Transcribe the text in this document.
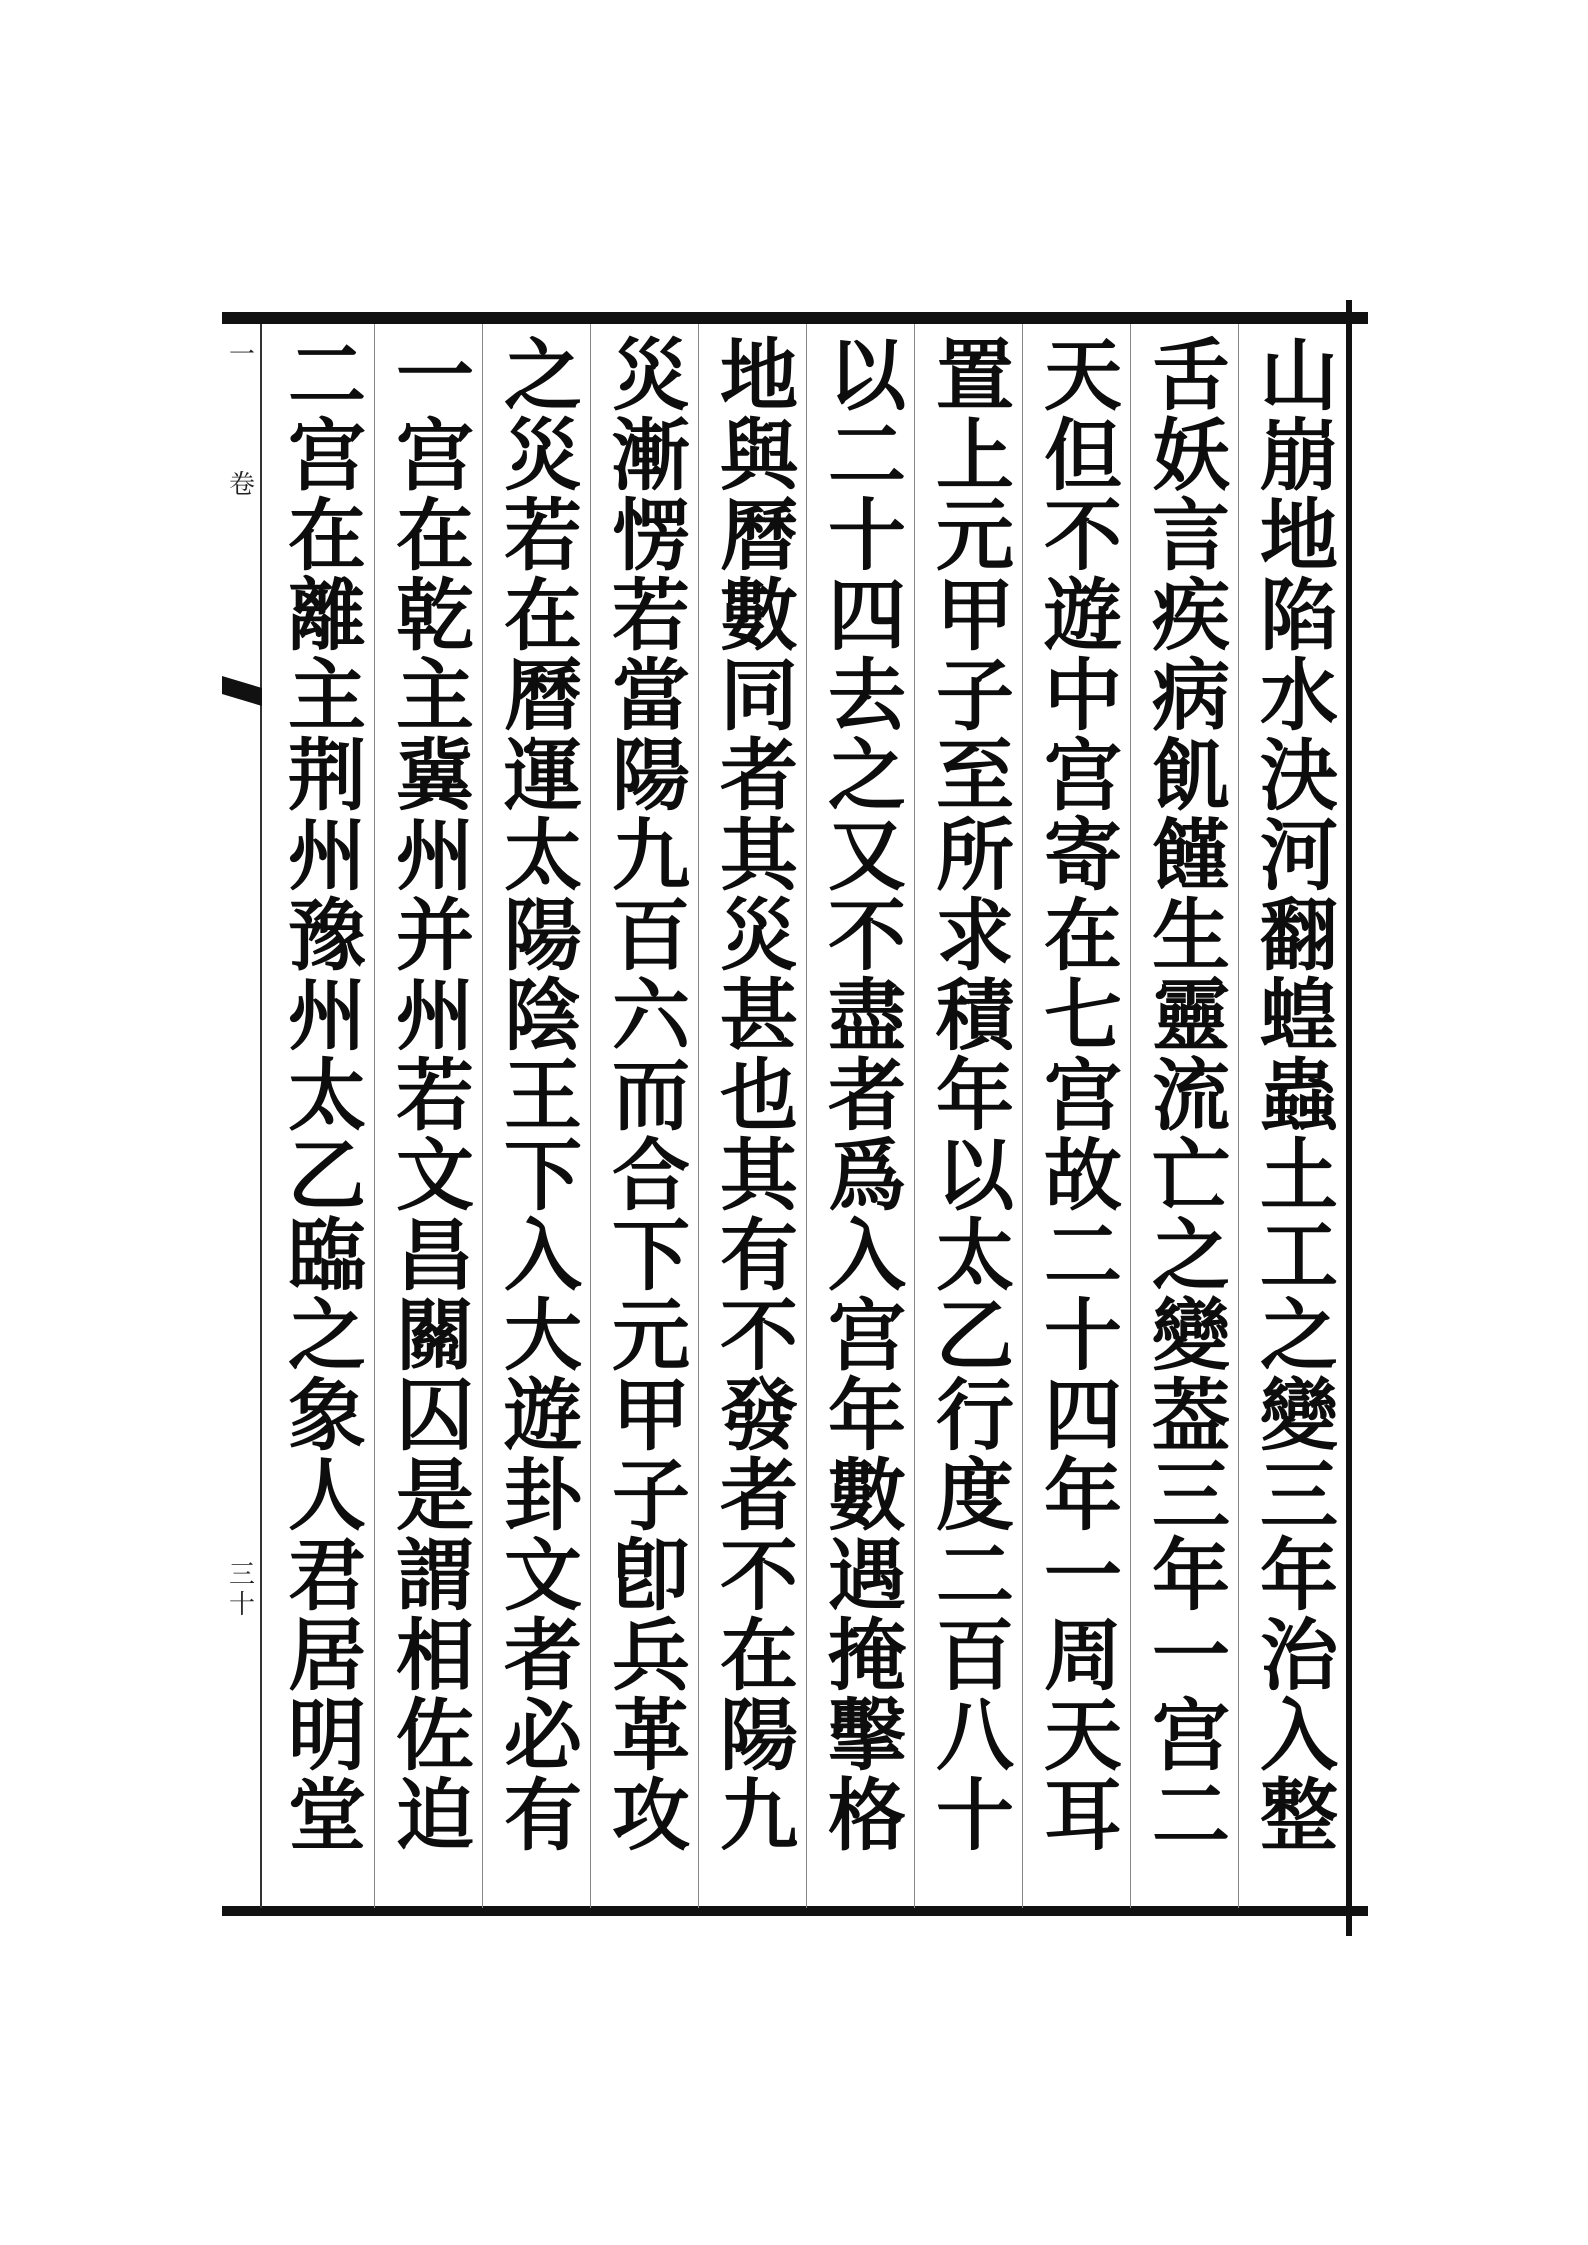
一
卷
三十
山崩地陷水決河翻蝗蟲土工之變三年治入整
舌妖言疾病飢饉生靈流亡之變葢三年一宫二
天但不遊中宫寄在七宫故二十四年一周天耳
置上元甲子至所求積年以太乙行度二百八十
以二十四去之又不盡者爲入宫年數遇掩擊格
地與曆數同者其災甚也其有不發者不在陽九
災漸愣若當陽九百六而合下元甲子卽兵革攻
之災若在曆運太陽陰王下入大遊卦文者必有
一宫在乾主冀州并州若文昌關囚是謂相佐迫
二宫在離主荆州豫州太乙臨之象人君居明堂
